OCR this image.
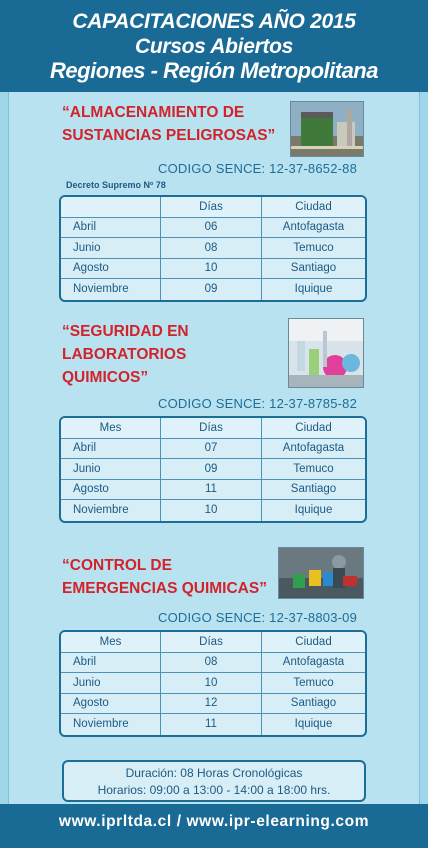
CAPACITACIONES AÑO 2015
Cursos Abiertos
Regiones - Región Metropolitana
“ALMACENAMIENTO DE
SUSTANCIAS PELIGROSAS”
CODIGO SENCE: 12-37-8652-88
Decreto Supremo Nº 78
	Días	Ciudad
Abril	06	Antofagasta
Junio	08	Temuco
Agosto	10	Santiago
Noviembre	09	Iquique
“SEGURIDAD EN
LABORATORIOS
QUIMICOS”
CODIGO SENCE: 12-37-8785-82
Mes	Días	Ciudad
Abril	07	Antofagasta
Junio	09	Temuco
Agosto	11	Santiago
Noviembre	10	Iquique
“CONTROL DE
EMERGENCIAS QUIMICAS”
CODIGO SENCE: 12-37-8803-09
Mes	Días	Ciudad
Abril	08	Antofagasta
Junio	10	Temuco
Agosto	12	Santiago
Noviembre	11	Iquique
Duración: 08 Horas Cronológicas
Horarios: 09:00 a 13:00 - 14:00 a 18:00 hrs.
www.iprltda.cl / www.ipr-elearning.com
